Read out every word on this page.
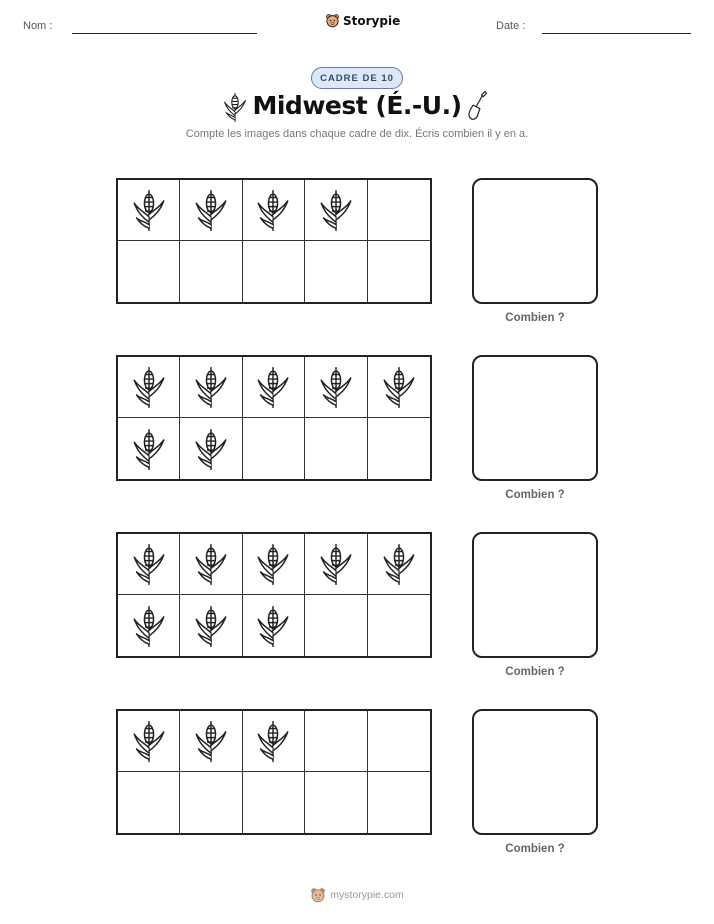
Nom :	Storypie	Date :
CADRE DE 10
Midwest (É.-U.)
Compte les images dans chaque cadre de dix. Écris combien il y en a.
Combien ?
Combien ?
Combien ?
Combien ?
mystorypie.com
